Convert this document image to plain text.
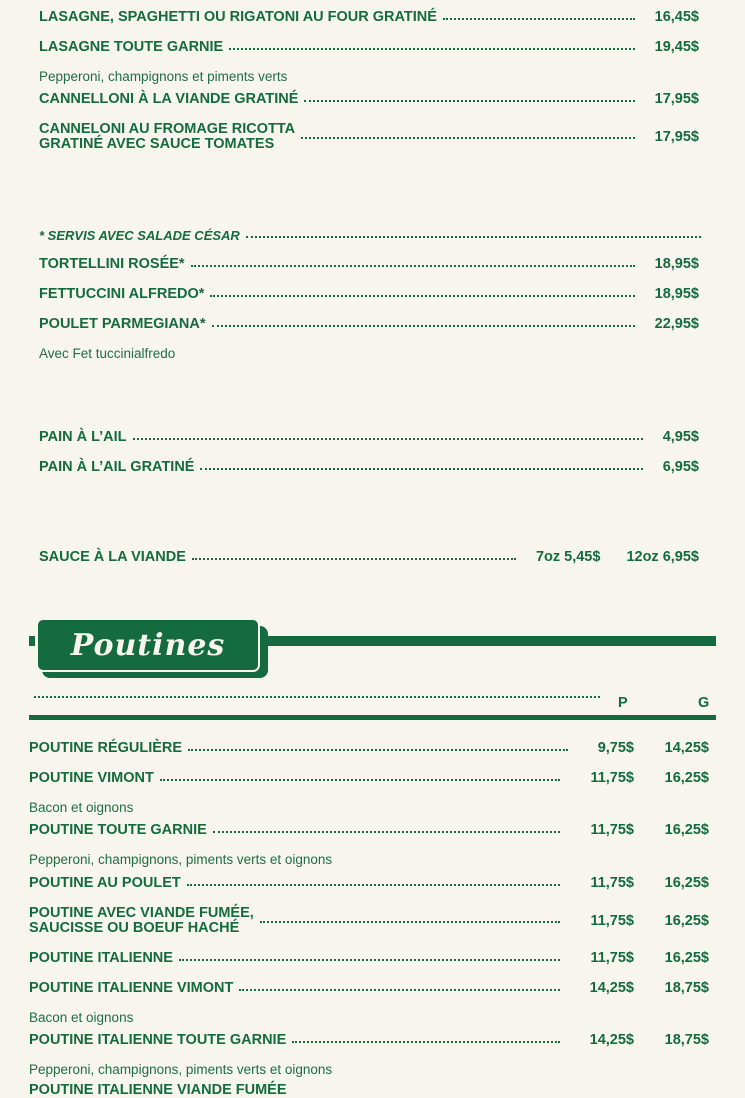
LASAGNE, SPAGHETTI OU RIGATONI AU FOUR GRATINÉ	16,45$
LASAGNE TOUTE GARNIE	19,45$
Pepperoni, champignons et piments verts
CANNELLONI À LA VIANDE GRATINÉ	17,95$
CANNELONI AU FROMAGE RICOTTA
GRATINÉ AVEC SAUCE TOMATES	17,95$
* SERVIS AVEC SALADE CÉSAR
TORTELLINI ROSÉE*	18,95$
FETTUCCINI ALFREDO*	18,95$
POULET PARMEGIANA*	22,95$
Avec Fet tuccinialfredo
PAIN À L’AIL	4,95$
PAIN À L’AIL GRATINÉ	6,95$
SAUCE À LA VIANDE	7oz 5,45$ 12oz 6,95$
Poutines
P	G
POUTINE RÉGULIÈRE	9,75$	14,25$
POUTINE VIMONT	11,75$	16,25$
Bacon et oignons
POUTINE TOUTE GARNIE	11,75$	16,25$
Pepperoni, champignons, piments verts et oignons
POUTINE AU POULET	11,75$	16,25$
POUTINE AVEC VIANDE FUMÉE,
SAUCISSE OU BOEUF HACHÉ	11,75$	16,25$
POUTINE ITALIENNE	11,75$	16,25$
POUTINE ITALIENNE VIMONT	14,25$	18,75$
Bacon et oignons
POUTINE ITALIENNE TOUTE GARNIE	14,25$	18,75$
Pepperoni, champignons, piments verts et oignons
POUTINE ITALIENNE VIANDE FUMÉE
